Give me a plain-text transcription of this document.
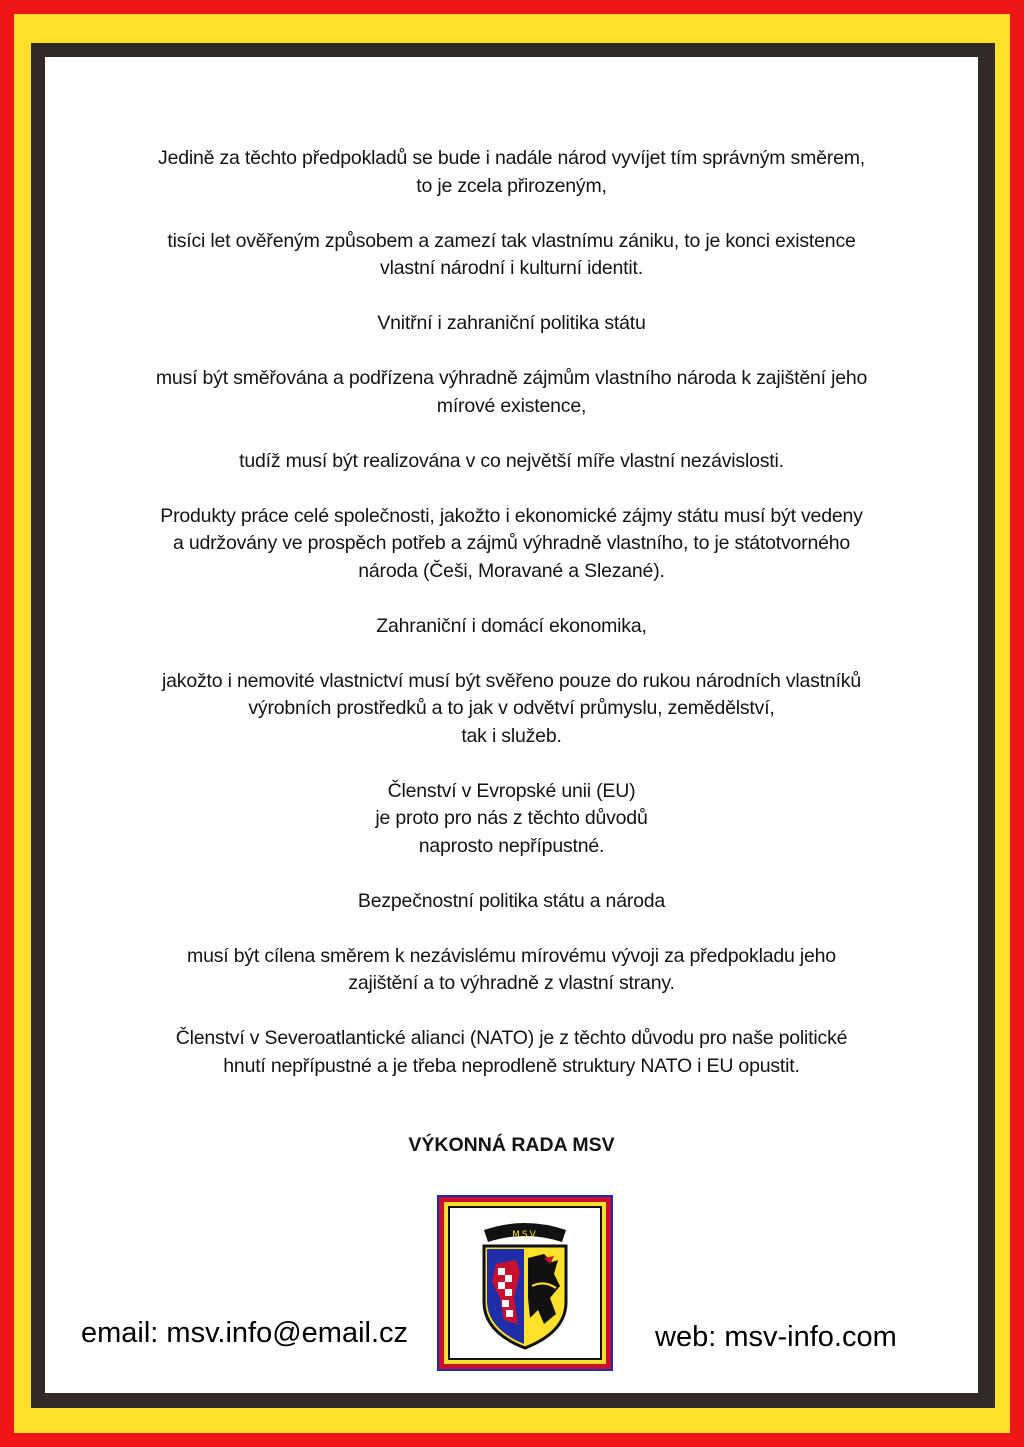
Jedině za těchto předpokladů se bude i nadále národ vyvíjet tím správným směrem,
to je zcela přirozeným,

tisíci let ověřeným způsobem a zamezí tak vlastnímu zániku, to je konci existence
vlastní národní i kulturní identit.

Vnitřní i zahraniční politika státu

musí být směřována a podřízena výhradně zájmům vlastního národa k zajištění jeho
mírové existence,

tudíž musí být realizována v co největší míře vlastní nezávislosti.

Produkty práce celé společnosti, jakožto i ekonomické zájmy státu musí být vedeny
a udržovány ve prospěch potřeb a zájmů výhradně vlastního, to je státotvorného
národa (Češi, Moravané a Slezané).

Zahraniční i domácí ekonomika,

jakožto i nemovité vlastnictví musí být svěřeno pouze do rukou národních vlastníků
výrobních prostředků a to jak v odvětví průmyslu, zemědělství,
tak i služeb.

Členství v Evropské unii (EU)
je proto pro nás z těchto důvodů
naprosto nepřípustné.

Bezpečnostní politika státu a národa

musí být cílena směrem k nezávislému mírovému vývoji za předpokladu jeho
zajištění a to výhradně z vlastní strany.

Členství v Severoatlantické alianci (NATO) je z těchto důvodu pro naše politické
hnutí nepřípustné a je třeba neprodleně struktury NATO i EU opustit.

VÝKONNÁ RADA MSV
MSV
email: msv.info@email.cz	web: msv-info.com
